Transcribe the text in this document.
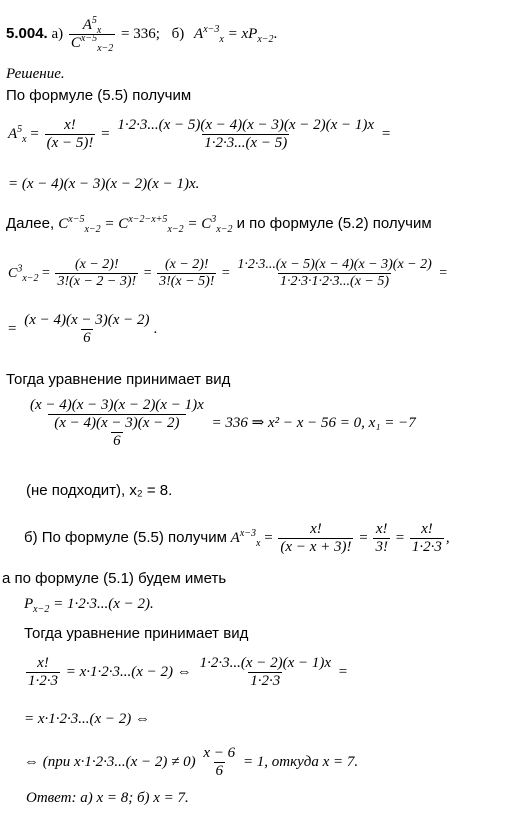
5.004. $а) \frac{A^5_x}{C^{x-5}_{x-2}} = 336$; б) $A^{x-3}_x = xP_{x-2}$.
Решение.
По формуле (5.5) получим
$A^5_x = \frac{x!}{(x - 5)!} = \frac{1\cdot 2\cdot 3...(x - 5)(x - 4)(x - 3)(x - 2)(x - 1)x}{1\cdot 2\cdot 3...(x - 5)}$ =
= (x − 4)(x − 3)(x − 2)(x − 1)x.
Далее, $C^{x-5}_{x-2} = C^{x-2-x+5}_{x-2} = C^3_{x-2}$ и по формуле (5.2) получим
$C^3_{x-2} = \frac{(x - 2)!}{3!(x - 2 - 3)!} = \frac{(x - 2)!}{3!(x - 5)!} = \frac{1\cdot 2\cdot 3...(x - 5)(x - 4)(x - 3)(x - 2)}{1\cdot 2\cdot 3\cdot 1\cdot 2\cdot 3...(x - 5)}$ =
= $\frac{(x - 4)(x - 3)(x - 2)}{6}$ .
Тогда уравнение принимает вид
$\frac{(x - 4)(x - 3)(x - 2)(x - 1)x}{\frac{(x - 4)(x - 3)(x - 2)}{6}} = 336$ ⇒ x² − x − 56 = 0, x₁ = −7
(не подходит), x₂ = 8.
б) По формуле (5.5) получим $A^{x-3}_x = \frac{x!}{(x - x + 3)!} = \frac{x!}{3!} = \frac{x!}{1\cdot 2\cdot 3}$ ,
а по формуле (5.1) будем иметь
$P_{x-2} = 1\cdot 2\cdot 3...(x - 2)$.
Тогда уравнение принимает вид
$\frac{x!}{1\cdot 2\cdot 3} = x\cdot 1\cdot 2\cdot 3...(x - 2)$ ⇔ $\frac{1\cdot 2\cdot 3...(x - 2)(x - 1)x}{1\cdot 2\cdot 3}$ =
= x·1·2·3...(x − 2) ⇔
⇔ (при $x\cdot 1\cdot 2\cdot 3...(x - 2) \ne 0) \frac{x - 6}{6} = 1$, откуда x = 7.
Ответ: а) x = 8; б) x = 7.
